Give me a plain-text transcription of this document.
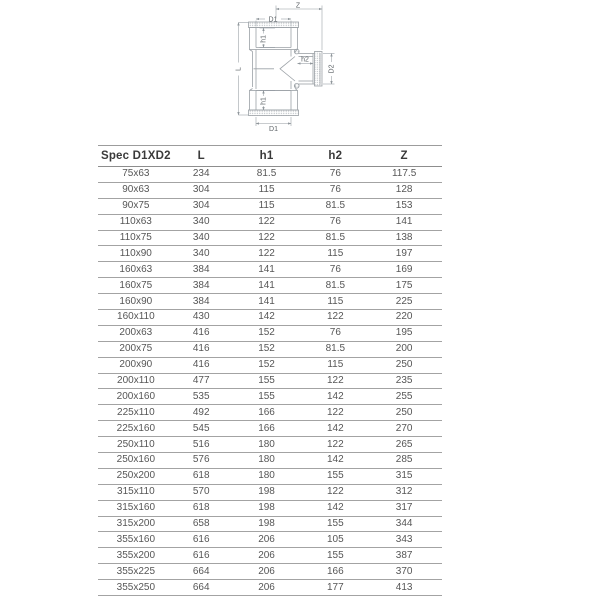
Z
D1
h1
L
h2
D2
h1
D1
Spec D1XD2	L	h1	h2	Z
75x63	234	81.5	76	117.5
90x63	304	115	76	128
90x75	304	115	81.5	153
110x63	340	122	76	141
110x75	340	122	81.5	138
110x90	340	122	115	197
160x63	384	141	76	169
160x75	384	141	81.5	175
160x90	384	141	115	225
160x110	430	142	122	220
200x63	416	152	76	195
200x75	416	152	81.5	200
200x90	416	152	115	250
200x110	477	155	122	235
200x160	535	155	142	255
225x110	492	166	122	250
225x160	545	166	142	270
250x110	516	180	122	265
250x160	576	180	142	285
250x200	618	180	155	315
315x110	570	198	122	312
315x160	618	198	142	317
315x200	658	198	155	344
355x160	616	206	105	343
355x200	616	206	155	387
355x225	664	206	166	370
355x250	664	206	177	413
